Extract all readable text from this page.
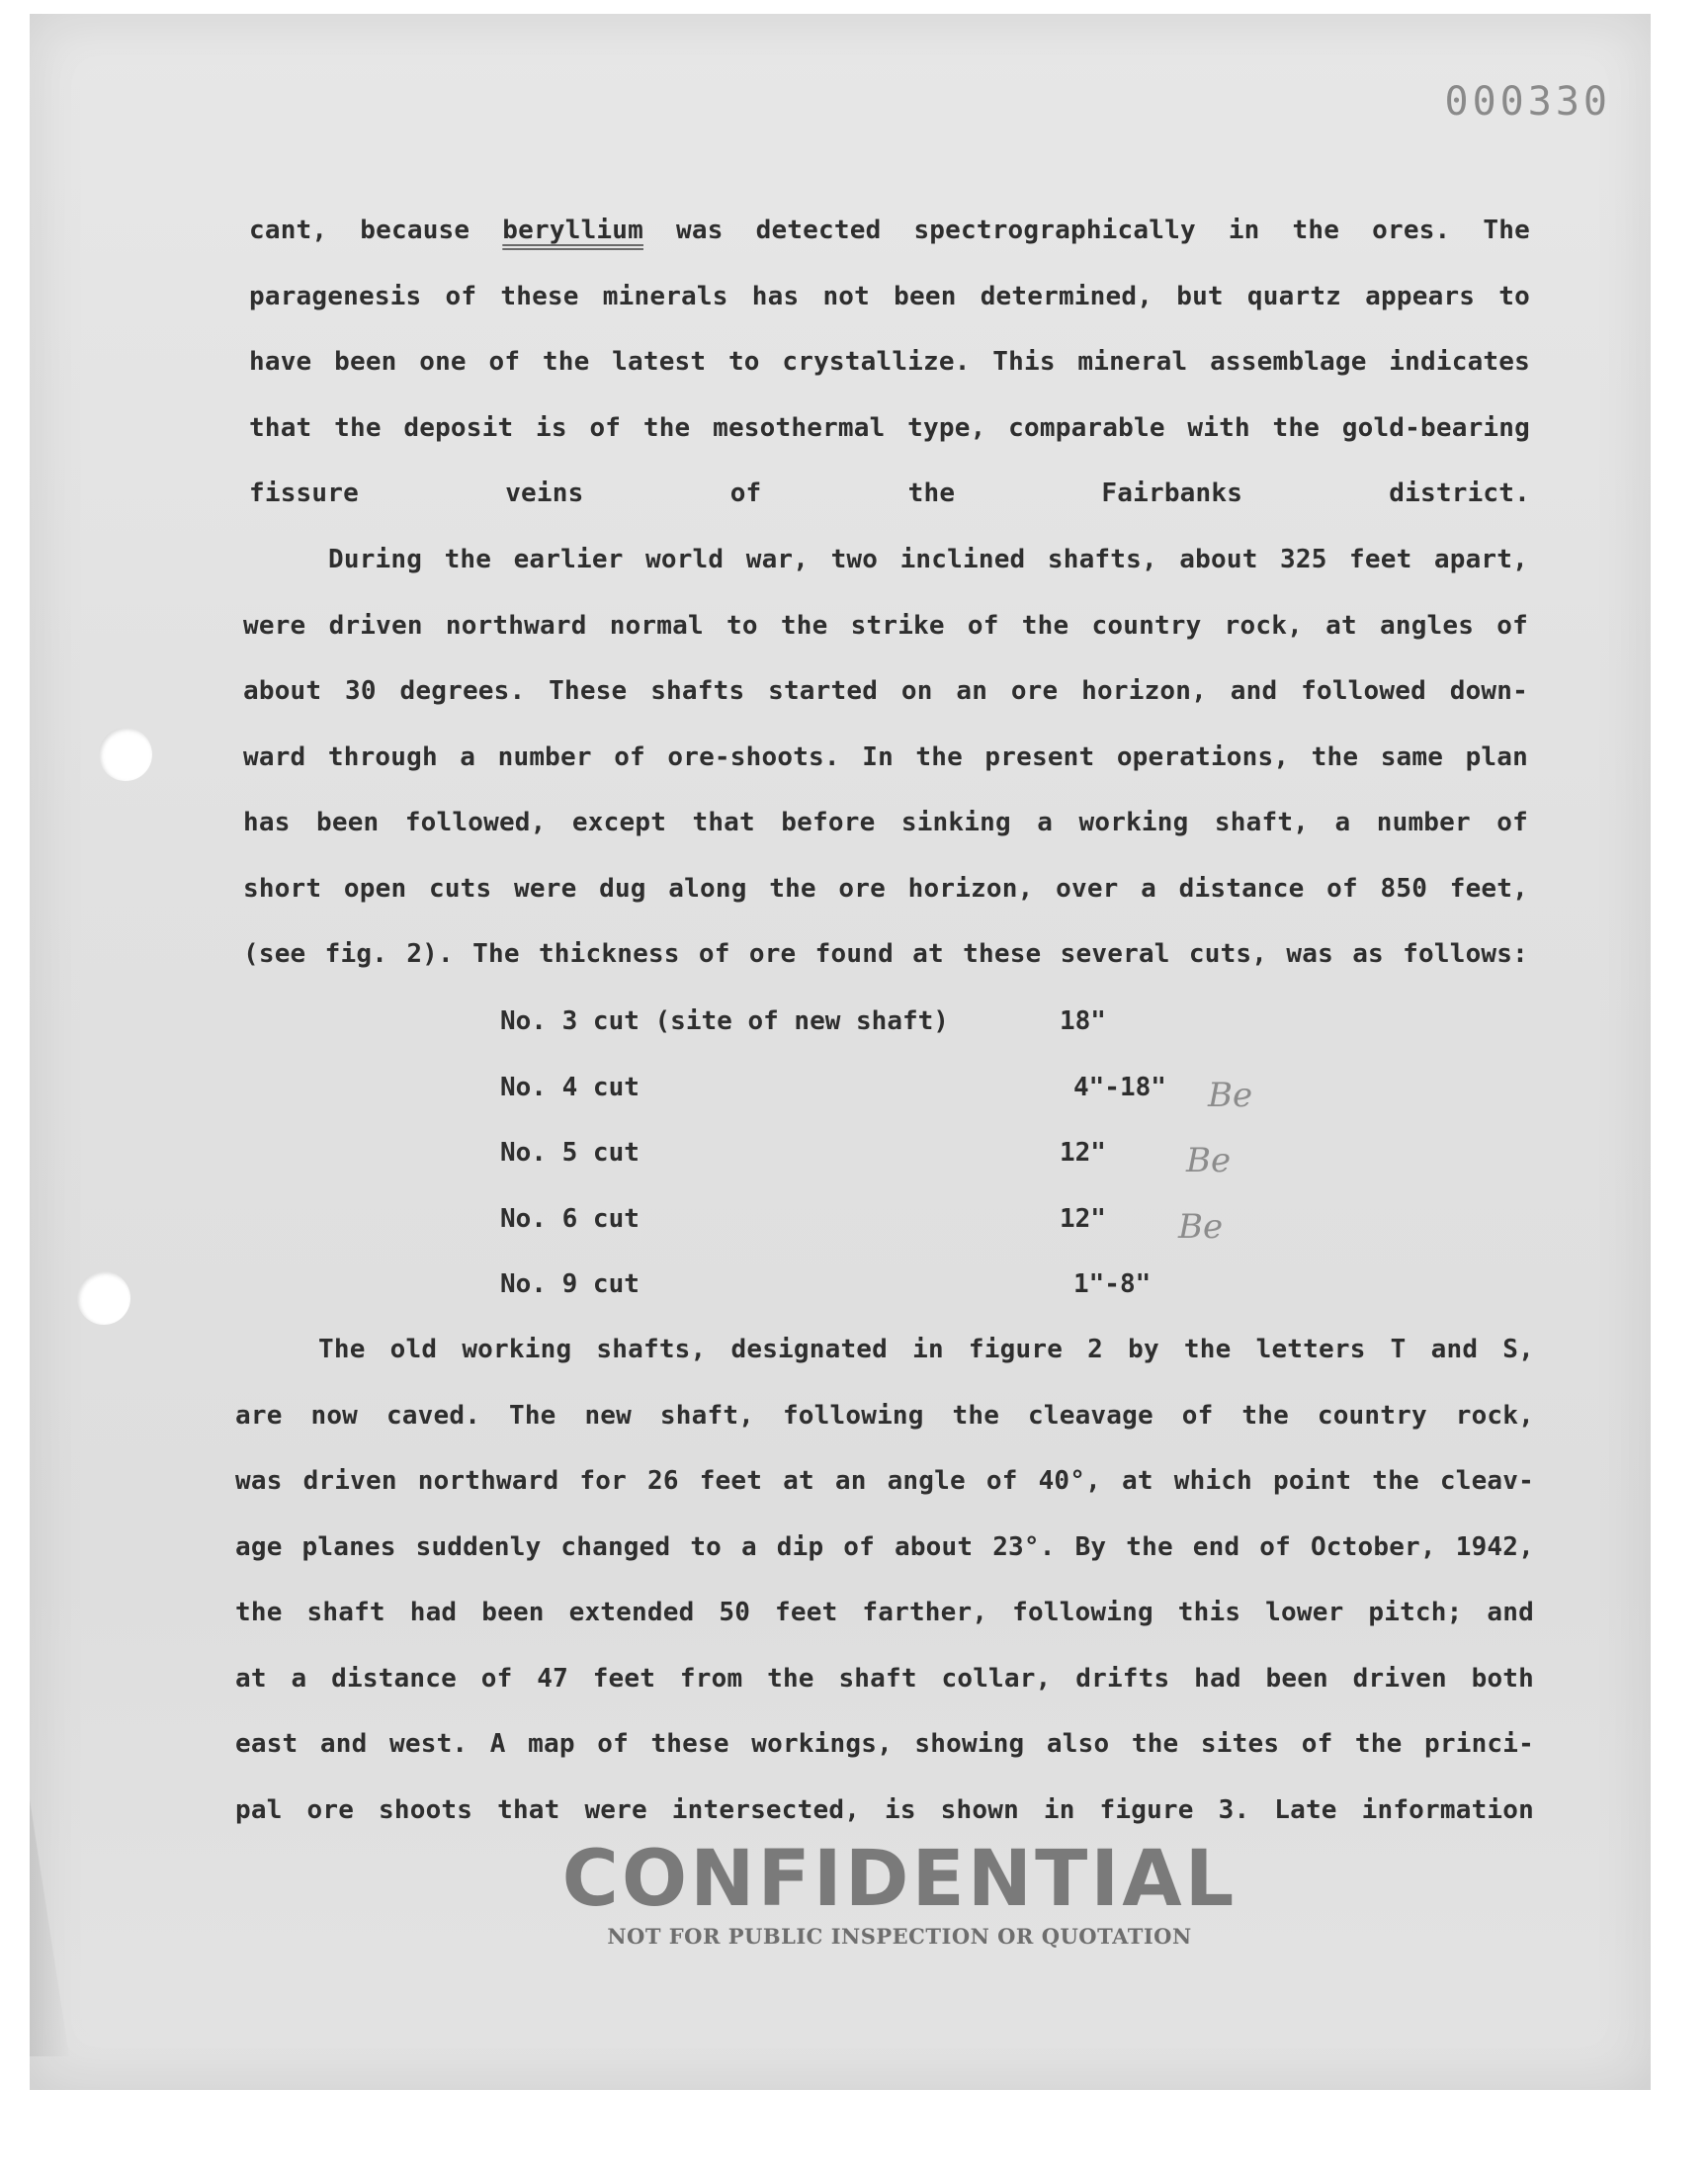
000330
cant, because beryllium was detected spectrographically in the ores. The
paragenesis of these minerals has not been determined, but quartz appears to
have been one of the latest to crystallize. This mineral assemblage indicates
that the deposit is of the mesothermal type, comparable with the gold-bearing
fissure veins of the Fairbanks district.
During the earlier world war, two inclined shafts, about 325 feet apart,
were driven northward normal to the strike of the country rock, at angles of
about 30 degrees. These shafts started on an ore horizon, and followed down-
ward through a number of ore-shoots. In the present operations, the same plan
has been followed, except that before sinking a working shaft, a number of
short open cuts were dug along the ore horizon, over a distance of 850 feet,
(see fig. 2). The thickness of ore found at these several cuts, was as follows:
No. 3 cut (site of new shaft)	18"
No. 4 cut	4"-18" Be
No. 5 cut	12" Be
No. 6 cut	12" Be
No. 9 cut	1"-8"
The old working shafts, designated in figure 2 by the letters T and S,
are now caved. The new shaft, following the cleavage of the country rock,
was driven northward for 26 feet at an angle of 40°, at which point the cleav-
age planes suddenly changed to a dip of about 23°. By the end of October, 1942,
the shaft had been extended 50 feet farther, following this lower pitch; and
at a distance of 47 feet from the shaft collar, drifts had been driven both
east and west. A map of these workings, showing also the sites of the princi-
pal ore shoots that were intersected, is shown in figure 3. Late information
CONFIDENTIAL
NOT FOR PUBLIC INSPECTION OR QUOTATION
